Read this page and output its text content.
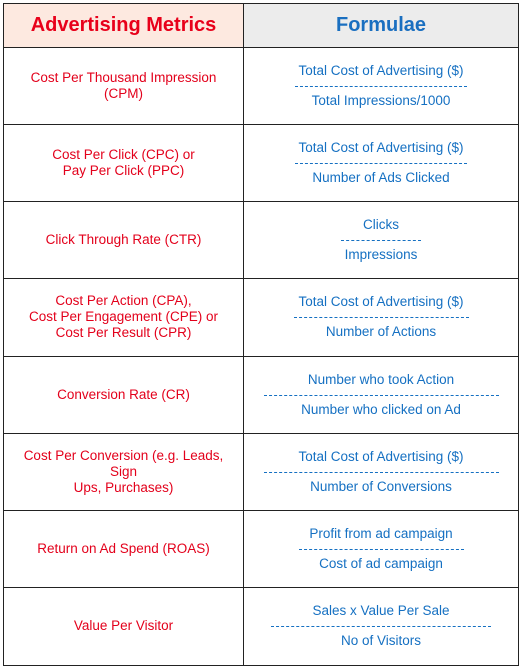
Advertising Metrics	Formulae
Cost Per Thousand Impression (CPM)	$\frac{\text{Total Cost of Advertising (\$)}}{\text{Total Impressions/1000}}$
Cost Per Click (CPC) or
Pay Per Click (PPC)	$\frac{\text{Total Cost of Advertising (\$)}}{\text{Number of Ads Clicked}}$
Click Through Rate (CTR)	$\frac{\text{Clicks}}{\text{Impressions}}$
Cost Per Action (CPA),
Cost Per Engagement (CPE) or
Cost Per Result (CPR)	$\frac{\text{Total Cost of Advertising (\$)}}{\text{Number of Actions}}$
Conversion Rate (CR)	$\frac{\text{Number who took Action}}{\text{Number who clicked on Ad}}$
Cost Per Conversion (e.g. Leads, Sign
Ups, Purchases)	$\frac{\text{Total Cost of Advertising (\$)}}{\text{Number of Conversions}}$
Return on Ad Spend (ROAS)	$\frac{\text{Profit from ad campaign}}{\text{Cost of ad campaign}}$
Value Per Visitor	$\frac{\text{Sales x Value Per Sale}}{\text{No of Visitors}}$
